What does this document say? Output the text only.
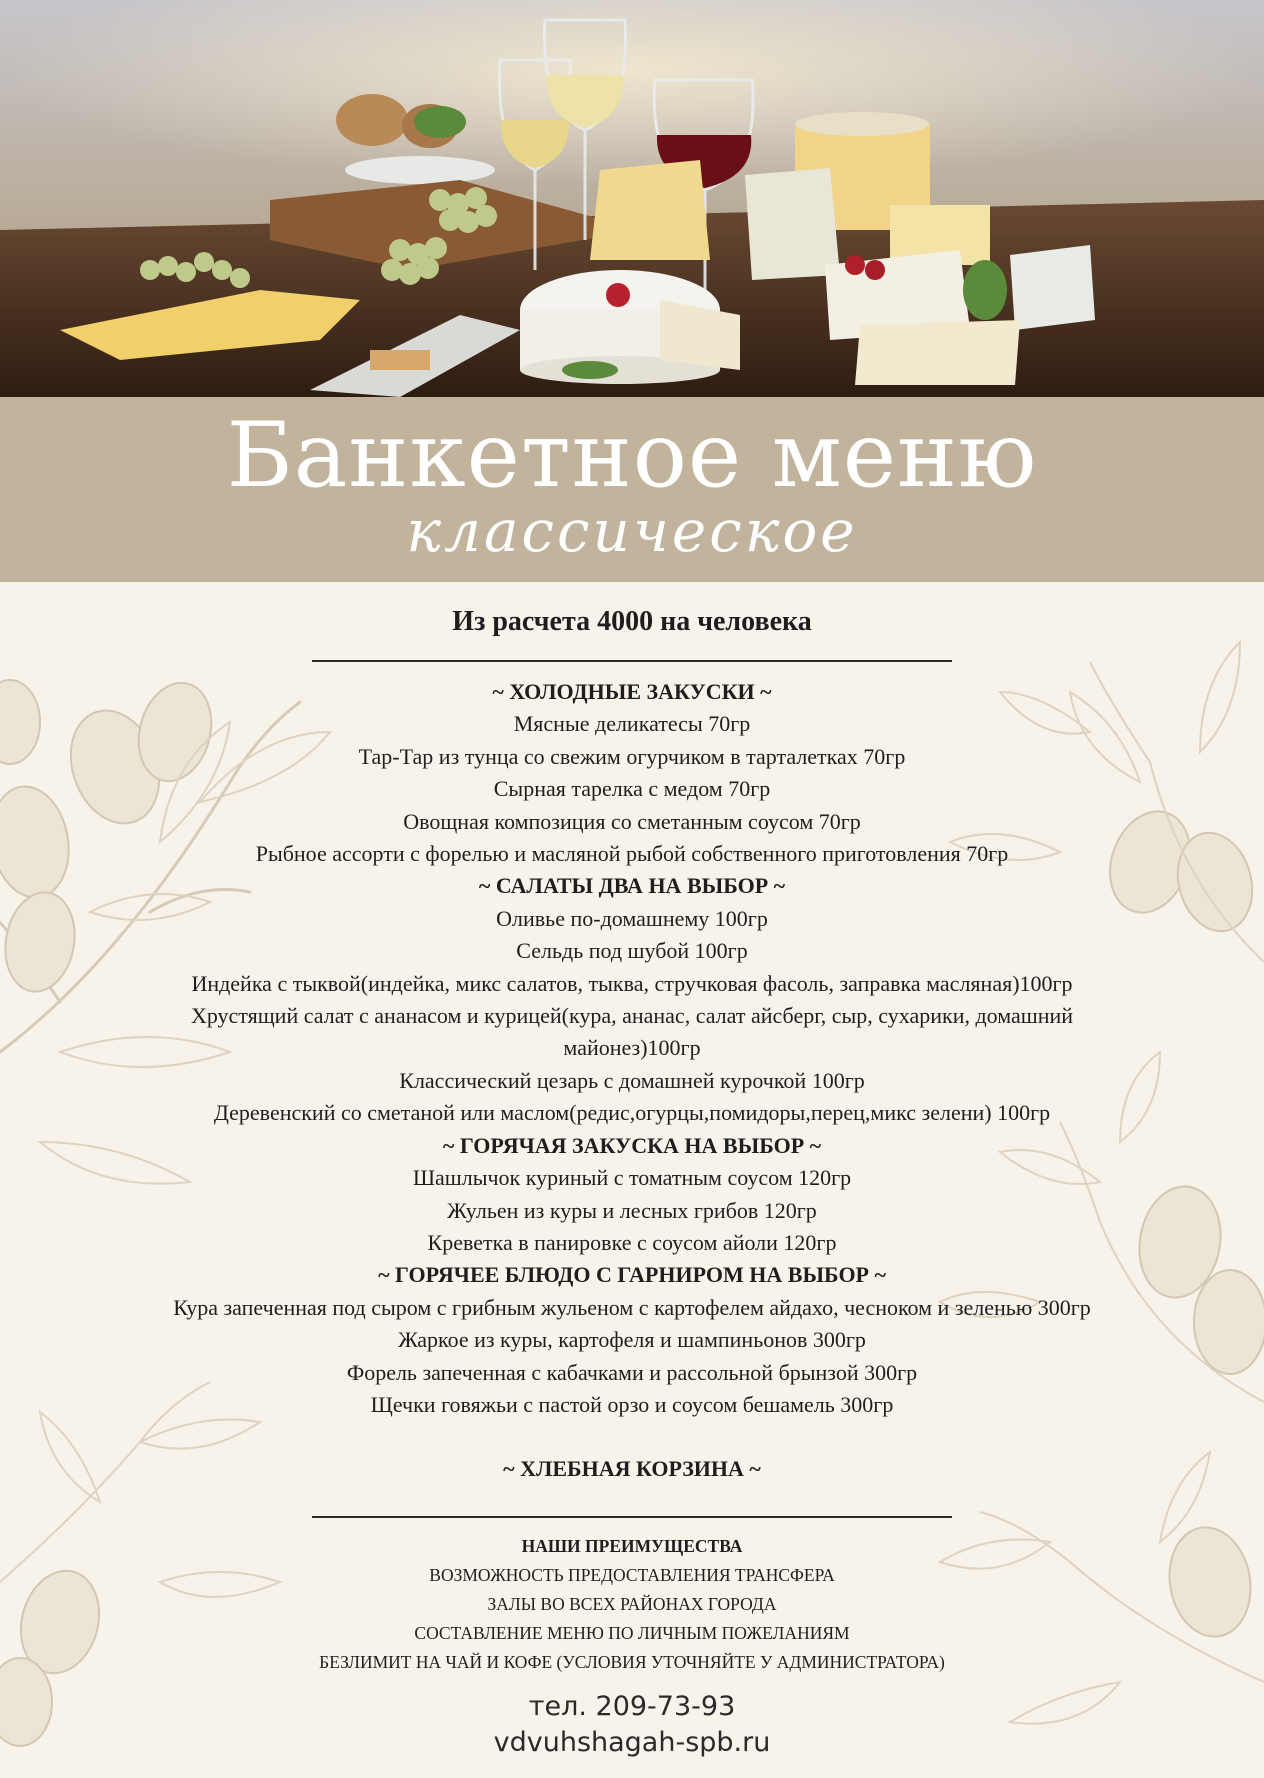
Банкетное меню
классическое
Из расчета 4000 на человека
~ ХОЛОДНЫЕ ЗАКУСКИ ~
Мясные деликатесы 70гр
Тар-Тар из тунца со свежим огурчиком в тарталетках 70гр
Сырная тарелка с медом 70гр
Овощная композиция со сметанным соусом 70гр
Рыбное ассорти с форелью и масляной рыбой собственного приготовления 70гр
~ САЛАТЫ ДВА НА ВЫБОР ~
Оливье по-домашнему 100гр
Сельдь под шубой 100гр
Индейка с тыквой(индейка, микс салатов, тыква, стручковая фасоль, заправка масляная)100гр
Хрустящий салат с ананасом и курицей(кура, ананас, салат айсберг, сыр, сухарики, домашний майонез)100гр
Классический цезарь с домашней курочкой 100гр
Деревенский со сметаной или маслом(редис,огурцы,помидоры,перец,микс зелени) 100гр
~ ГОРЯЧАЯ ЗАКУСКА НА ВЫБОР ~
Шашлычок куриный с томатным соусом 120гр
Жульен из куры и лесных грибов 120гр
Креветка в панировке с соусом айоли 120гр
~ ГОРЯЧЕЕ БЛЮДО С ГАРНИРОМ НА ВЫБОР ~
Кура запеченная под сыром с грибным жульеном с картофелем айдахо, чесноком и зеленью 300гр
Жаркое из куры, картофеля и шампиньонов 300гр
Форель запеченная с кабачками и рассольной брынзой 300гр
Щечки говяжьи с пастой орзо и соусом бешамель 300гр
~ ХЛЕБНАЯ КОРЗИНА ~
НАШИ ПРЕИМУЩЕСТВА
ВОЗМОЖНОСТЬ ПРЕДОСТАВЛЕНИЯ ТРАНСФЕРА
ЗАЛЫ ВО ВСЕХ РАЙОНАХ ГОРОДА
СОСТАВЛЕНИЕ МЕНЮ ПО ЛИЧНЫМ ПОЖЕЛАНИЯМ
БЕЗЛИМИТ НА ЧАЙ И КОФЕ (УСЛОВИЯ УТОЧНЯЙТЕ У АДМИНИСТРАТОРА)
тел. 209-73-93
vdvuhshagah-spb.ru
